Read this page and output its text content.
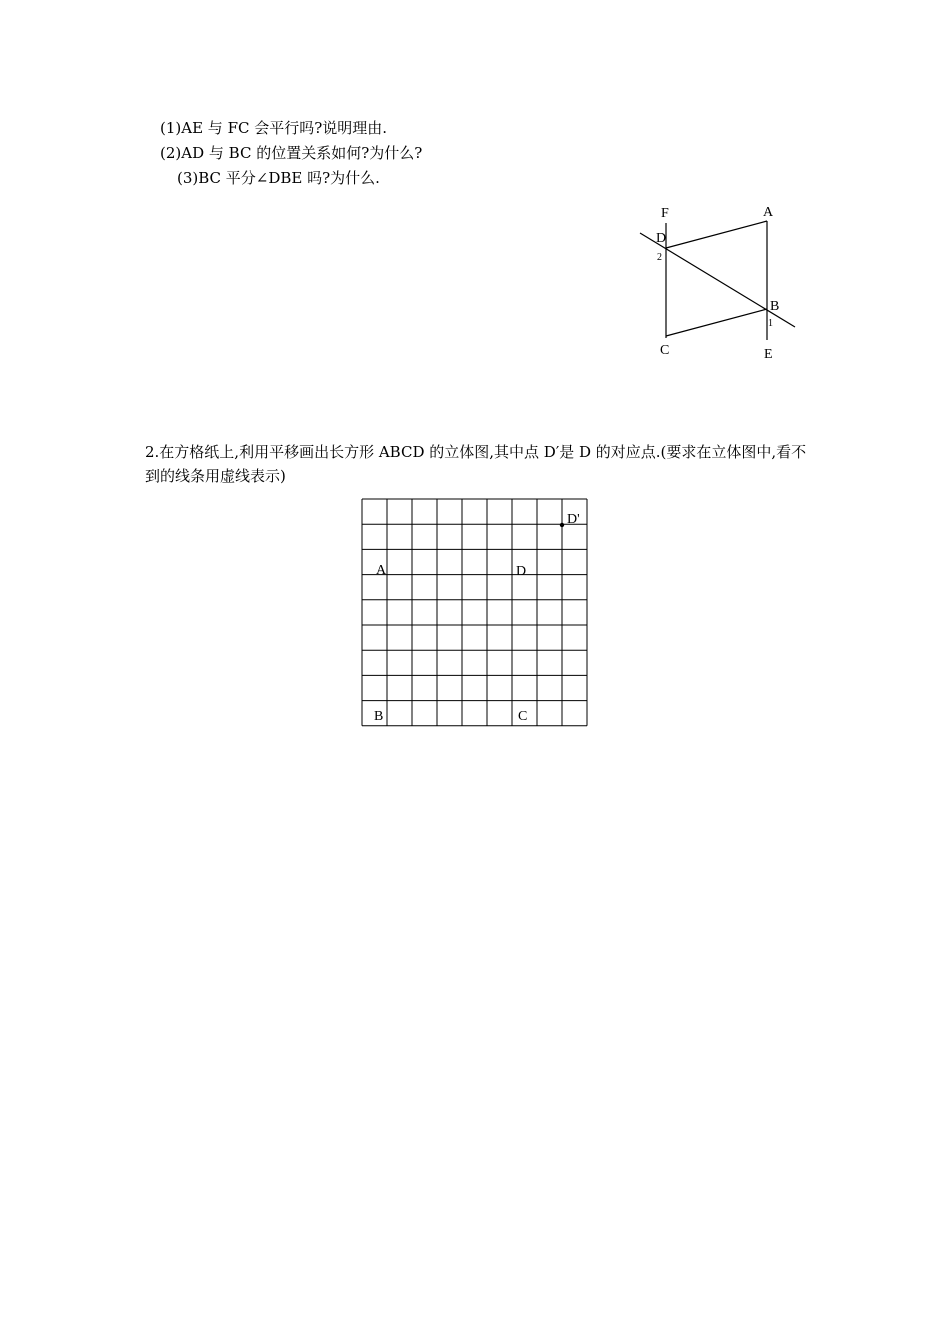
(1)AE 与 FC 会平行吗?说明理由.
(2)AD 与 BC 的位置关系如何?为什么?
(3)BC 平分∠DBE 吗?为什么.
F	A
D
2
B
1
C	E
2.在方格纸上,利用平移画出长方形 ABCD 的立体图,其中点 D′是 D 的对应点.(要求在立体图中,看不到的线条用虚线表示)
A	D
B	C
D'
